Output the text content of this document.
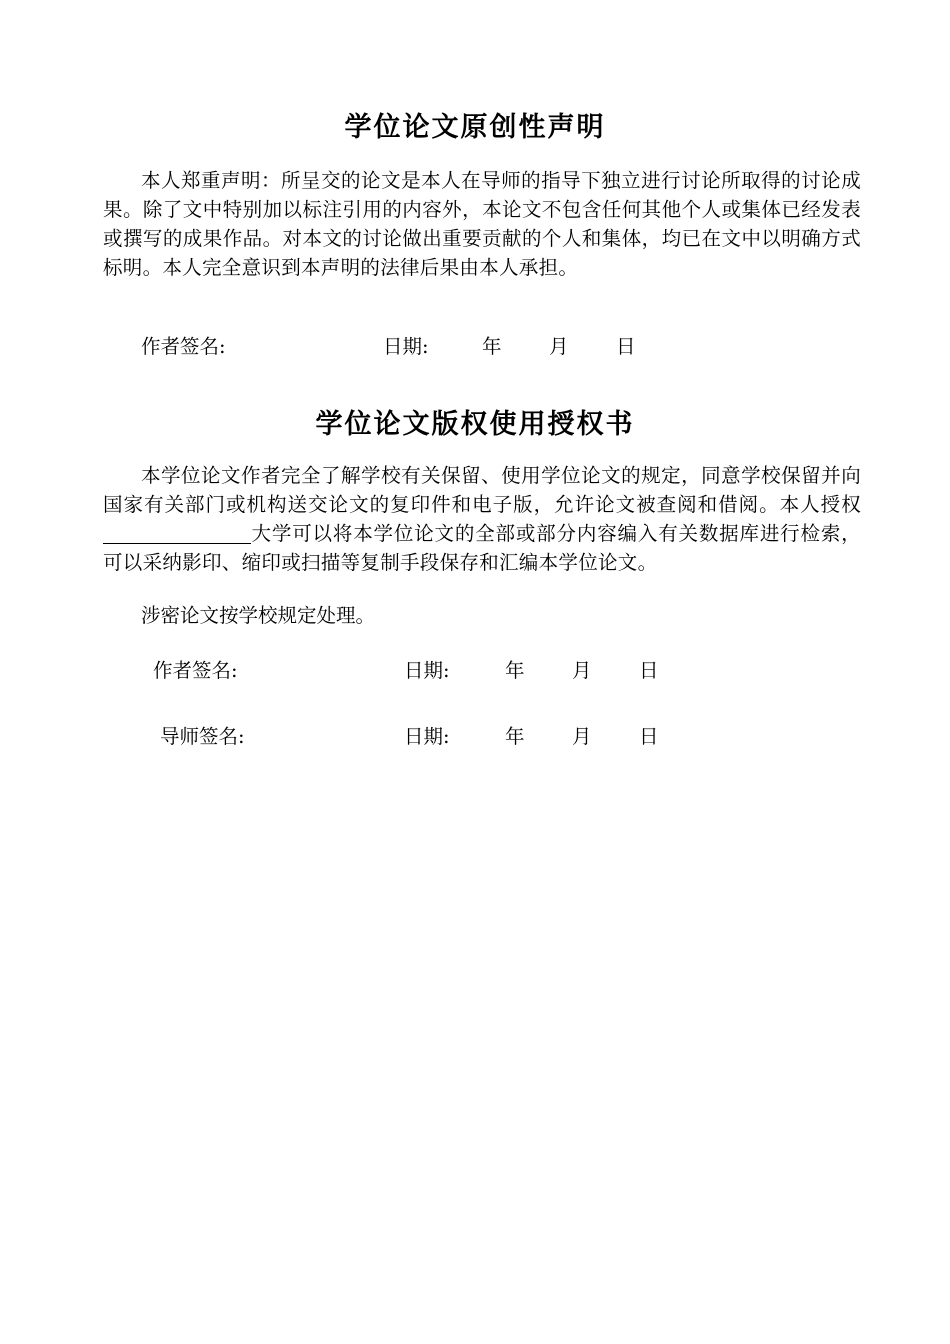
学位论文原创性声明
本人郑重声明：所呈交的论文是本人在导师的指导下独立进行讨论所取得的讨论成果。除了文中特别加以标注引用的内容外，本论文不包含任何其他个人或集体已经发表或撰写的成果作品。对本文的讨论做出重要贡献的个人和集体，均已在文中以明确方式标明。本人完全意识到本声明的法律后果由本人承担。
作者签名:	日期:	年 月 日
学位论文版权使用授权书
本学位论文作者完全了解学校有关保留、使用学位论文的规定，同意学校保留并向国家有关部门或机构送交论文的复印件和电子版，允许论文被查阅和借阅。本人授权大学可以将本学位论文的全部或部分内容编入有关数据库进行检索，可以采纳影印、缩印或扫描等复制手段保存和汇编本学位论文。
涉密论文按学校规定处理。
作者签名:	日期:	年 月 日
导师签名:	日期:	年 月 日
